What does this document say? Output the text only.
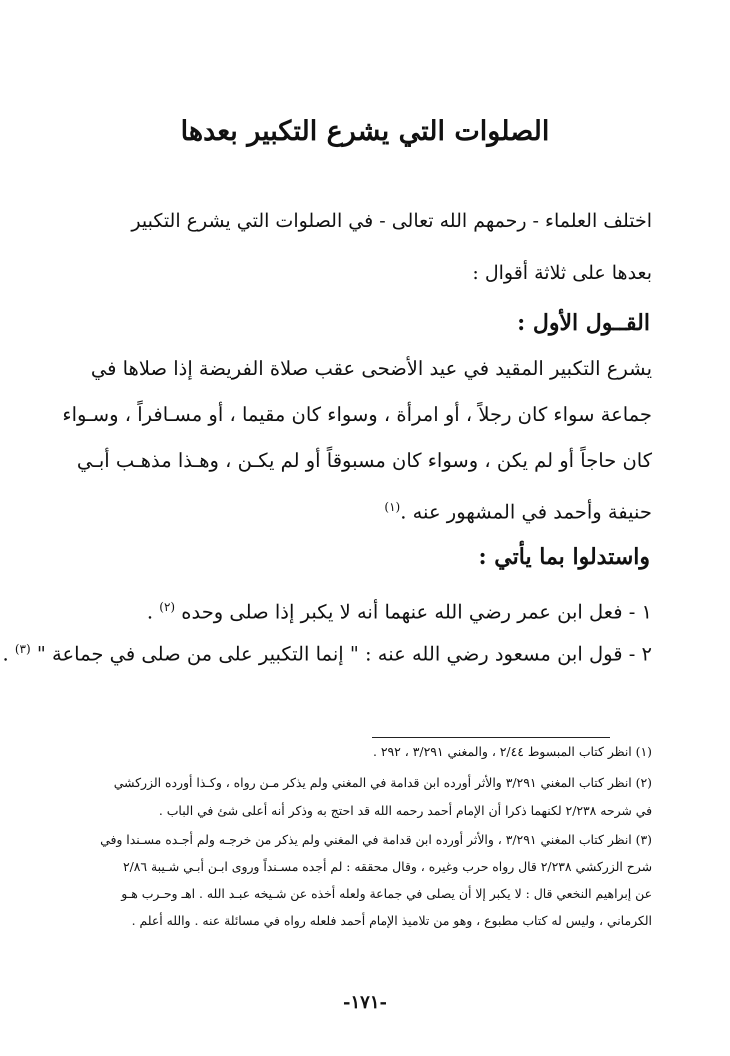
الصلوات التي يشرع التكبير بعدها
اختلف العلماء - رحمهم الله تعالى - في الصلوات التي يشرع التكبير
بعدها على ثلاثة أقوال :
القــول الأول :
يشرع التكبير المقيد في عيد الأضحى عقب صلاة الفريضة إذا صلاها في
جماعة سواء كان رجلاً ، أو امرأة ، وسواء كان مقيما ، أو مسـافراً ، وسـواء
كان حاجاً أو لم يكن ، وسواء كان مسبوقاً أو لم يكـن ، وهـذا مذهـب أبـي
حنيفة وأحمد في المشهور عنه .$^{(١)}$
واستدلوا بما يأتي :
١ - فعل ابن عمر رضي الله عنهما أنه لا يكبر إذا صلى وحده $^{(٢)}$ .
٢ - قول ابن مسعود رضي الله عنه : " إنما التكبير على من صلى في جماعة " $^{(٣)}$ .
(١) انظر كتاب المبسوط ٢/٤٤ ، والمغني ٣/٢٩١ ، ٢٩٢ .
(٢) انظر كتاب المغني ٣/٢٩١ والأثر أورده ابن قدامة في المغني ولم يذكر مـن رواه ، وكـذا أورده الزركشي
في شرحه ٢/٢٣٨ لكنهما ذكرا أن الإمام أحمد رحمه الله قد احتج به وذكر أنه أعلى شئ في الباب .
(٣) انظر كتاب المغني ٣/٢٩١ ، والأثر أورده ابن قدامة في المغني ولم يذكر من خرجـه ولم أجـده مسـندا وفي
شرح الزركشي ٢/٢٣٨ قال رواه حرب وغيره ، وقال محققه : لم أجده مسـنداً وروى ابـن أبـي شـيبة ٢/٨٦
عن إبراهيم النخعي قال : لا يكبر إلا أن يصلى في جماعة ولعله أخذه عن شـيخه عبـد الله . اهـ وحـرب هـو
الكرماني ، وليس له كتاب مطبوع ، وهو من تلاميذ الإمام أحمد فلعله رواه في مسائلة عنه . والله أعلم .
-١٧١-
